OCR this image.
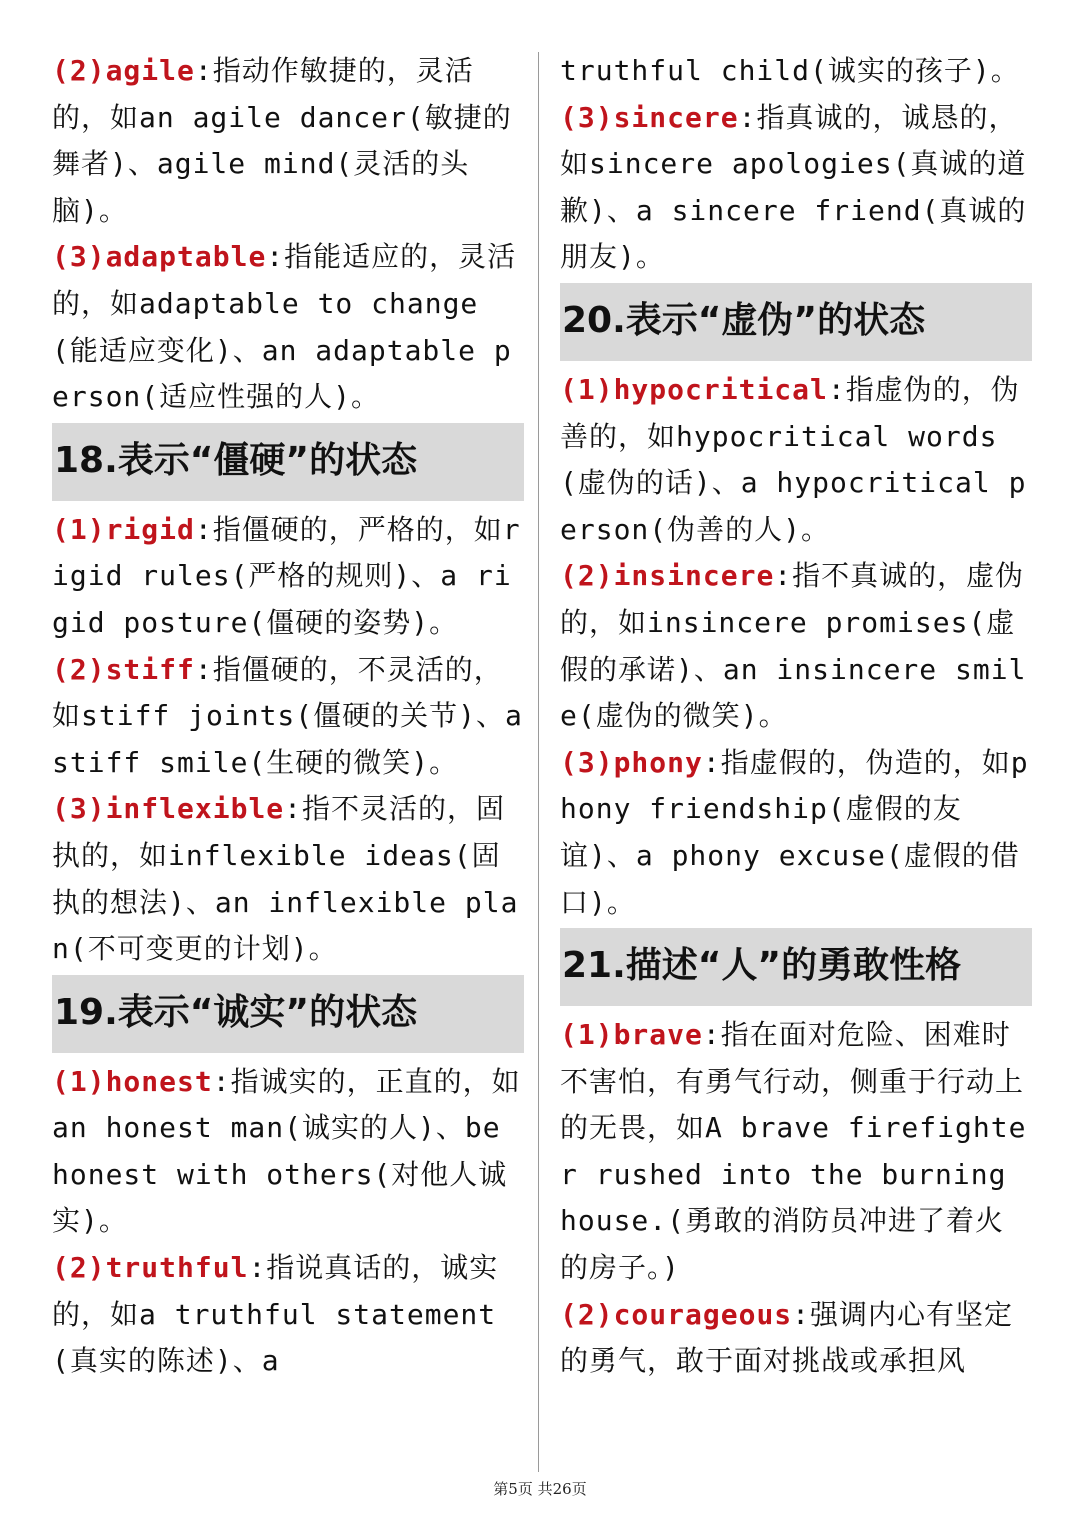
(2)agile:指动作敏捷的，灵活的，如an agile dancer(敏捷的舞者)、agile mind(灵活的头脑)。

(3)adaptable:指能适应的，灵活的，如adaptable to change(能适应变化)、an adaptable person(适应性强的人)。

18.表示“僵硬”的状态

(1)rigid:指僵硬的，严格的，如rigid rules(严格的规则)、a rigid posture(僵硬的姿势)。

(2)stiff:指僵硬的，不灵活的，如stiff joints(僵硬的关节)、a stiff smile(生硬的微笑)。

(3)inflexible:指不灵活的，固执的，如inflexible ideas(固执的想法)、an inflexible plan(不可变更的计划)。

19.表示“诚实”的状态

(1)honest:指诚实的，正直的，如an honest man(诚实的人)、be honest with others(对他人诚实)。

(2)truthful:指说真话的，诚实的，如a truthful statement(真实的陈述)、a

truthful child(诚实的孩子)。

(3)sincere:指真诚的，诚恳的，如sincere apologies(真诚的道歉)、a sincere friend(真诚的朋友)。

20.表示“虚伪”的状态

(1)hypocritical:指虚伪的，伪善的，如hypocritical words(虚伪的话)、a hypocritical person(伪善的人)。

(2)insincere:指不真诚的，虚伪的，如insincere promises(虚假的承诺)、an insincere smile(虚伪的微笑)。

(3)phony:指虚假的，伪造的，如phony friendship(虚假的友谊)、a phony excuse(虚假的借口)。

21.描述“人”的勇敢性格

(1)brave:指在面对危险、困难时不害怕，有勇气行动，侧重于行动上的无畏，如A brave firefighter rushed into the burning house.(勇敢的消防员冲进了着火的房子。)

(2)courageous:强调内心有坚定的勇气，敢于面对挑战或承担风

第5页 共26页
